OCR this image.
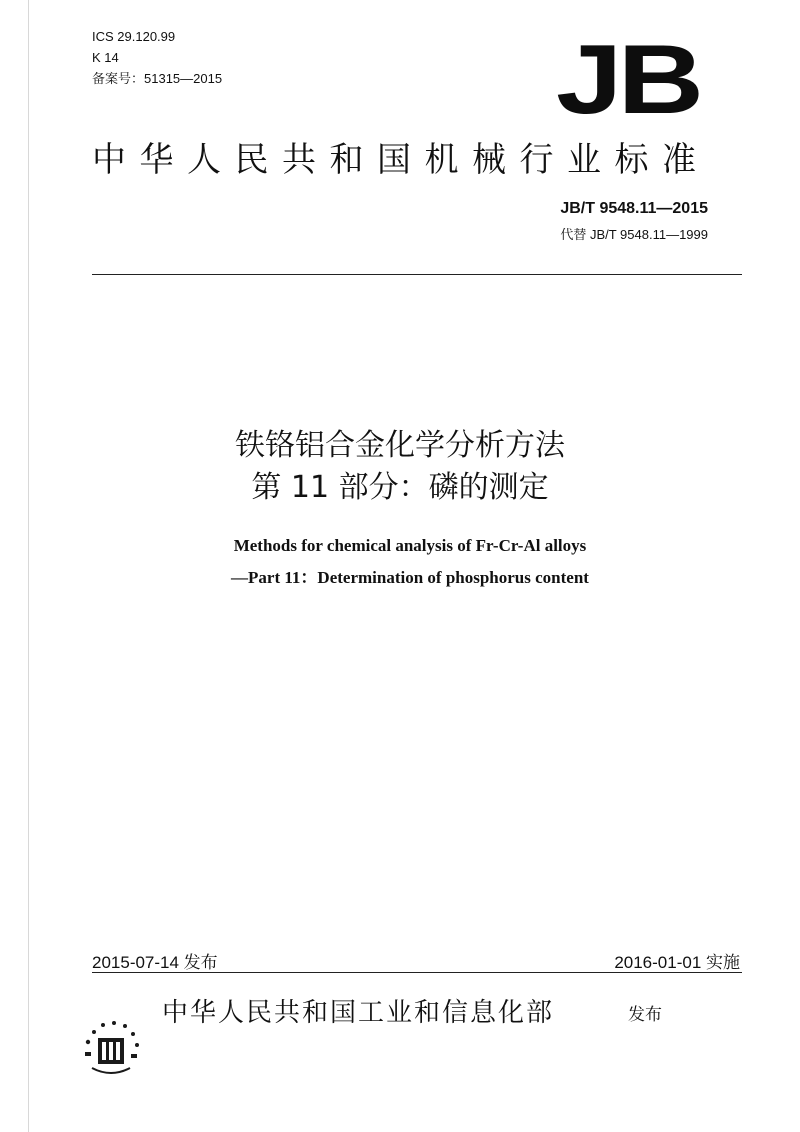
ICS 29.120.99
K 14
备案号：51315—2015	JB
中华人民共和国机械行业标准
JB/T 9548.11—2015
代替 JB/T 9548.11—1999
铁铬铝合金化学分析方法
第 11 部分：磷的测定
Methods for chemical analysis of Fr-Cr-Al alloys
—Part 11：Determination of phosphorus content
2015-07-14 发布	2016-01-01 实施
中华人民共和国工业和信息化部	发布
